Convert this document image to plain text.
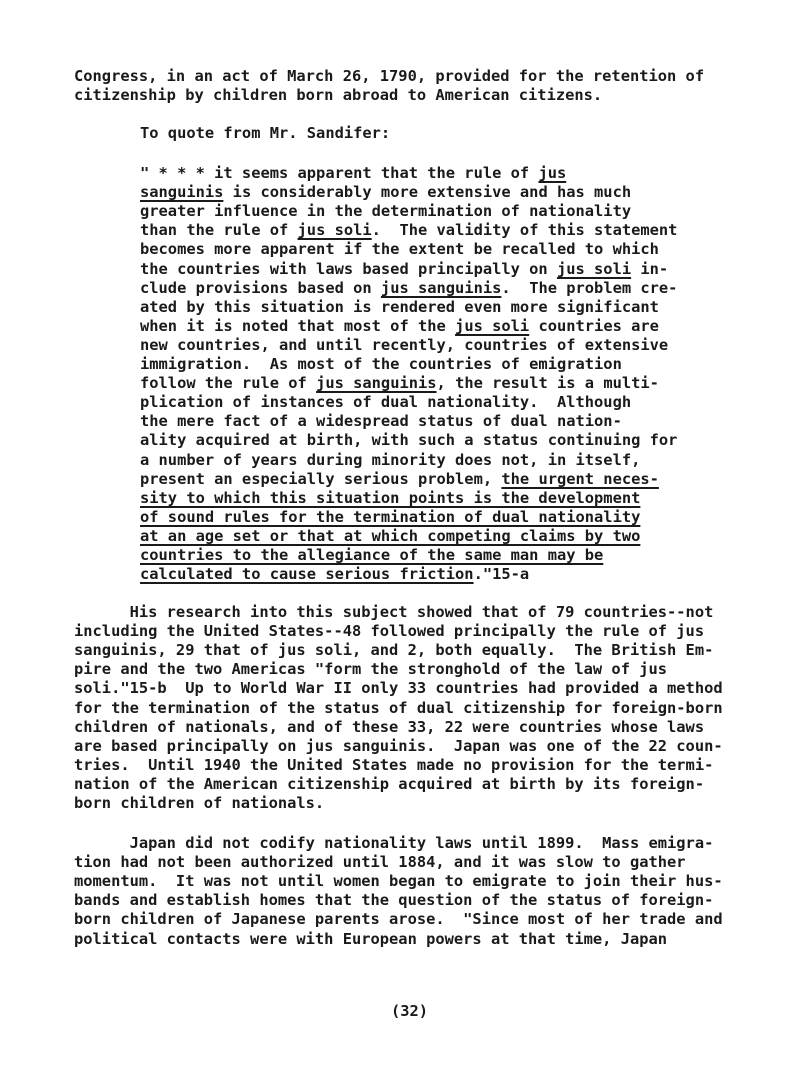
Congress, in an act of March 26, 1790, provided for the retention of
citizenship by children born abroad to American citizens.
To quote from Mr. Sandifer:
" * * * it seems apparent that the rule of jus
sanguinis is considerably more extensive and has much
greater influence in the determination of nationality
than the rule of jus soli.  The validity of this statement
becomes more apparent if the extent be recalled to which
the countries with laws based principally on jus soli in-
clude provisions based on jus sanguinis.  The problem cre-
ated by this situation is rendered even more significant
when it is noted that most of the jus soli countries are
new countries, and until recently, countries of extensive
immigration.  As most of the countries of emigration
follow the rule of jus sanguinis, the result is a multi-
plication of instances of dual nationality.  Although
the mere fact of a widespread status of dual nation-
ality acquired at birth, with such a status continuing for
a number of years during minority does not, in itself,
present an especially serious problem, the urgent neces-
sity to which this situation points is the development
of sound rules for the termination of dual nationality
at an age set or that at which competing claims by two
countries to the allegiance of the same man may be
calculated to cause serious friction."15-a
His research into this subject showed that of 79 countries--not
including the United States--48 followed principally the rule of jus
sanguinis, 29 that of jus soli, and 2, both equally.  The British Em-
pire and the two Americas "form the stronghold of the law of jus
soli."15-b  Up to World War II only 33 countries had provided a method
for the termination of the status of dual citizenship for foreign-born
children of nationals, and of these 33, 22 were countries whose laws
are based principally on jus sanguinis.  Japan was one of the 22 coun-
tries.  Until 1940 the United States made no provision for the termi-
nation of the American citizenship acquired at birth by its foreign-
born children of nationals.
Japan did not codify nationality laws until 1899.  Mass emigra-
tion had not been authorized until 1884, and it was slow to gather
momentum.  It was not until women began to emigrate to join their hus-
bands and establish homes that the question of the status of foreign-
born children of Japanese parents arose.  "Since most of her trade and
political contacts were with European powers at that time, Japan
(32)
